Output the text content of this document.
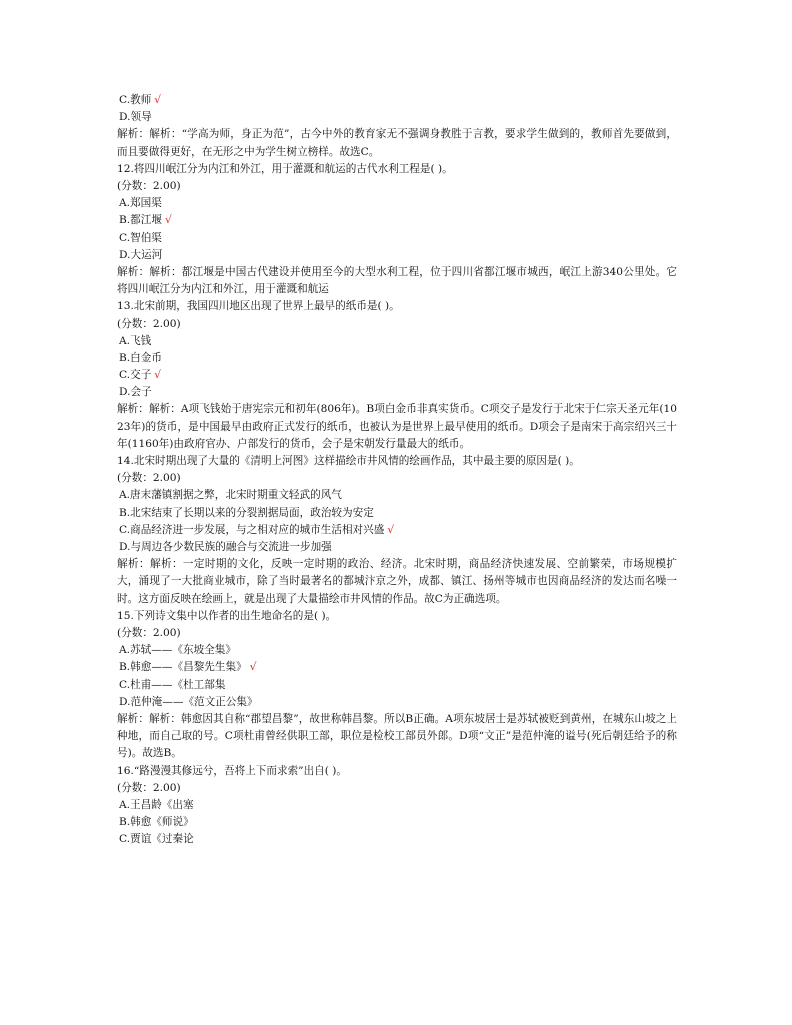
C.教师 √
D.领导

解析：解析：“学高为师，身正为范”，古今中外的教育家无不强调身教胜于言教，要求学生做到的，教师首先要做到，而且要做得更好，在无形之中为学生树立榜样。故选C。

12.将四川岷江分为内江和外江，用于灌溉和航运的古代水利工程是( )。
(分数：2.00)
A.郑国渠
B.都江堰 √
C.智伯渠
D.大运河

解析：解析：都江堰是中国古代建设并使用至今的大型水利工程，位于四川省都江堰市城西，岷江上游340公里处。它将四川岷江分为内江和外江，用于灌溉和航运

13.北宋前期，我国四川地区出现了世界上最早的纸币是( )。
(分数：2.00)
A.飞钱
B.白金币
C.交子 √
D.会子

解析：解析：A项飞钱始于唐宪宗元和初年(806年)。B项白金币非真实货币。C项交子是发行于北宋于仁宗天圣元年(1023年)的货币，是中国最早由政府正式发行的纸币，也被认为是世界上最早使用的纸币。D项会子是南宋于高宗绍兴三十年(1160年)由政府官办、户部发行的货币，会子是宋朝发行量最大的纸币。

14.北宋时期出现了大量的《清明上河图》这样描绘市井风情的绘画作品，其中最主要的原因是( )。
(分数：2.00)
A.唐末藩镇割据之弊，北宋时期重文轻武的风气
B.北宋结束了长期以来的分裂割据局面，政治较为安定
C.商品经济进一步发展，与之相对应的城市生活相对兴盛 √
D.与周边各少数民族的融合与交流进一步加强

解析：解析：一定时期的文化，反映一定时期的政治、经济。北宋时期，商品经济快速发展、空前繁荣，市场规模扩大，涌现了一大批商业城市，除了当时最著名的都城汴京之外，成都、镇江、扬州等城市也因商品经济的发达而名噪一时。这方面反映在绘画上，就是出现了大量描绘市井风情的作品。故C为正确选项。

15.下列诗文集中以作者的出生地命名的是( )。
(分数：2.00)
A.苏轼——《东坡全集》
B.韩愈——《昌黎先生集》 √
C.杜甫——《杜工部集
D.范仲淹——《范文正公集》

解析：解析：韩愈因其自称“郡望昌黎”，故世称韩昌黎。所以B正确。A项东坡居士是苏轼被贬到黄州，在城东山坡之上种地，而自己取的号。C项杜甫曾经供职工部，职位是检校工部员外郎。D项“文正”是范仲淹的谥号(死后朝廷给予的称号)。故选B。

16.“路漫漫其修远兮，吾将上下而求索”出自( )。
(分数：2.00)
A.王昌龄《出塞
B.韩愈《师说》
C.贾谊《过秦论
